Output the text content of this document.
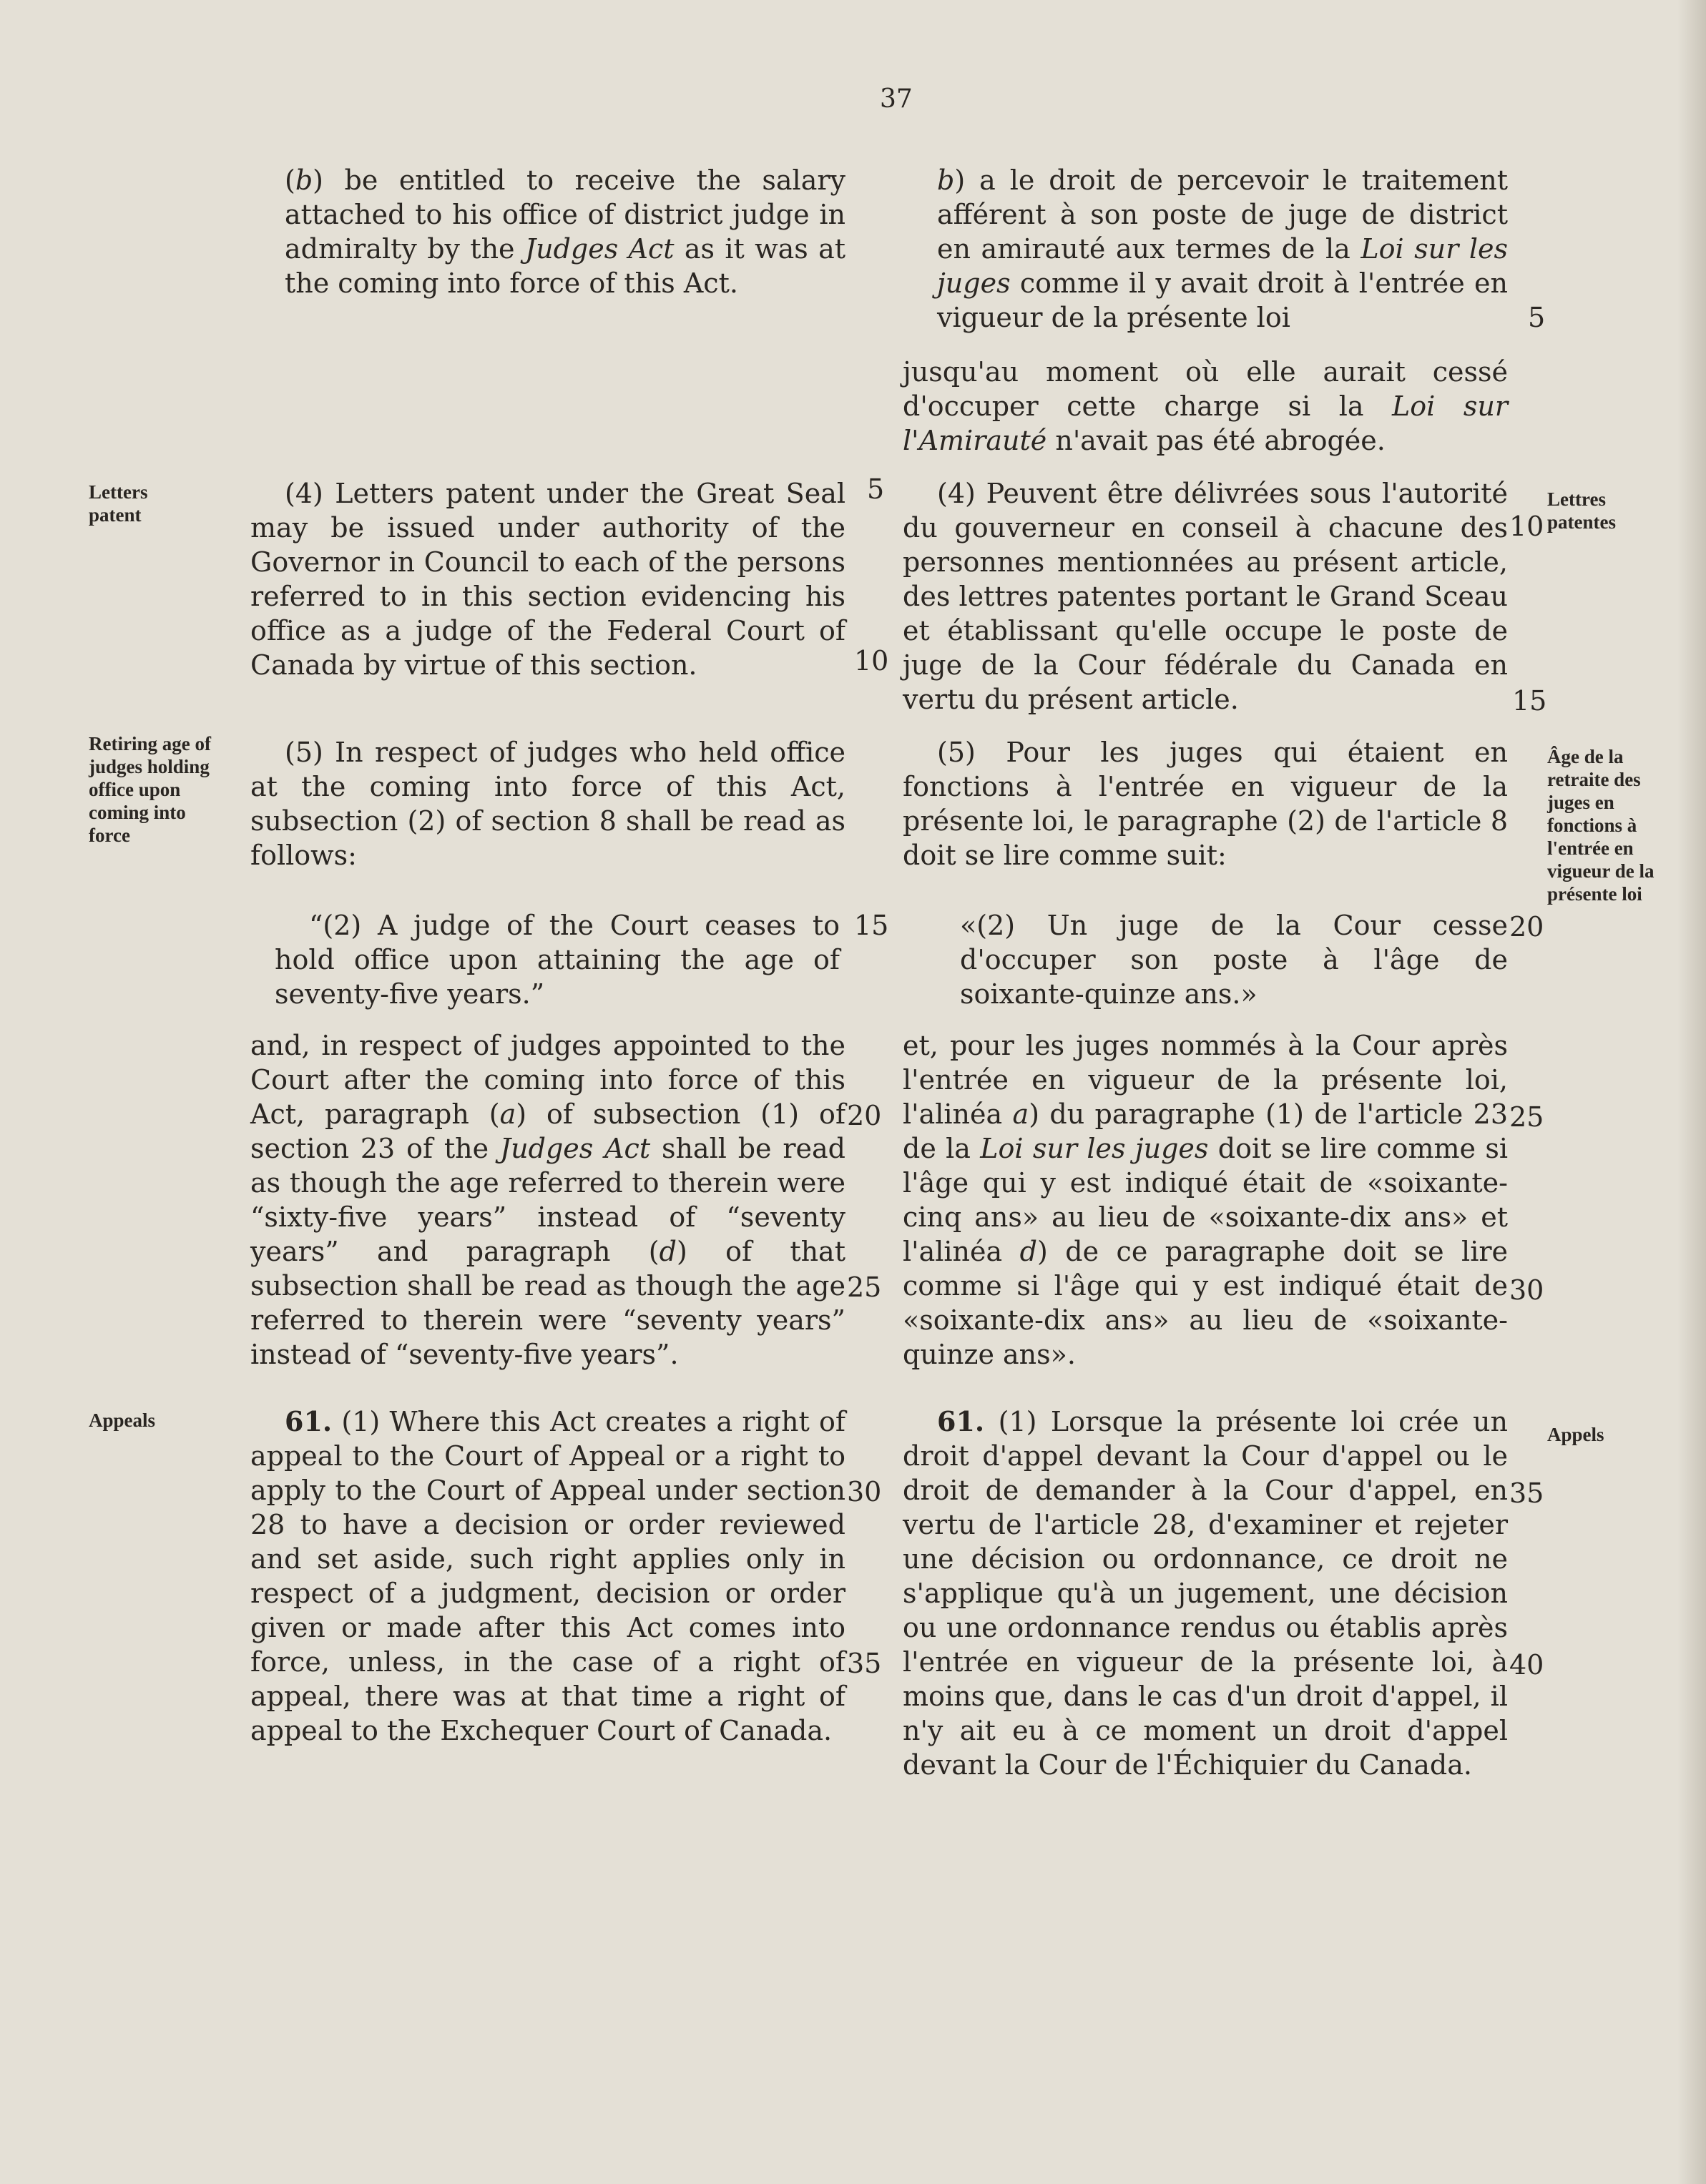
37

(b) be entitled to receive the salary attached to his office of district judge in admiralty by the Judges Act as it was at the coming into force of this Act.

(4) Letters patent under the Great Seal may be issued under authority of the Governor in Council to each of the persons referred to in this section evidencing his office as a judge of the Federal Court of Canada by virtue of this section.

(5) In respect of judges who held office at the coming into force of this Act, subsection (2) of section 8 shall be read as follows:

“(2) A judge of the Court ceases to hold office upon attaining the age of seventy-five years.”

and, in respect of judges appointed to the Court after the coming into force of this Act, paragraph (a) of subsection (1) of section 23 of the Judges Act shall be read as though the age referred to therein were “sixty-five years” instead of “seventy years” and paragraph (d) of that subsection shall be read as though the age referred to therein were “seventy years” instead of “seventy-five years”.

61. (1) Where this Act creates a right of appeal to the Court of Appeal or a right to apply to the Court of Appeal under section 28 to have a decision or order reviewed and set aside, such right applies only in respect of a judgment, decision or order given or made after this Act comes into force, unless, in the case of a right of appeal, there was at that time a right of appeal to the Exchequer Court of Canada.

b) a le droit de percevoir le traitement afférent à son poste de juge de district en amirauté aux termes de la Loi sur les juges comme il y avait droit à l'entrée en vigueur de la présente loi

jusqu'au moment où elle aurait cessé d'occuper cette charge si la Loi sur l'Amirauté n'avait pas été abrogée.

(4) Peuvent être délivrées sous l'autorité du gouverneur en conseil à chacune des personnes mentionnées au présent article, des lettres patentes portant le Grand Sceau et établissant qu'elle occupe le poste de juge de la Cour fédérale du Canada en vertu du présent article.

(5) Pour les juges qui étaient en fonctions à l'entrée en vigueur de la présente loi, le paragraphe (2) de l'article 8 doit se lire comme suit:

«(2) Un juge de la Cour cesse d'occuper son poste à l'âge de soixante-quinze ans.»

et, pour les juges nommés à la Cour après l'entrée en vigueur de la présente loi, l'alinéa a) du paragraphe (1) de l'article 23 de la Loi sur les juges doit se lire comme si l'âge qui y est indiqué était de «soixante-cinq ans» au lieu de «soixante-dix ans» et l'alinéa d) de ce paragraphe doit se lire comme si l'âge qui y est indiqué était de «soixante-dix ans» au lieu de «soixante-quinze ans».

61. (1) Lorsque la présente loi crée un droit d'appel devant la Cour d'appel ou le droit de demander à la Cour d'appel, en vertu de l'article 28, d'examiner et rejeter une décision ou ordonnance, ce droit ne s'applique qu'à un jugement, une décision ou une ordonnance rendus ou établis après l'entrée en vigueur de la présente loi, à moins que, dans le cas d'un droit d'appel, il n'y ait eu à ce moment un droit d'appel devant la Cour de l'Échiquier du Canada.

5
10
15
20
25
30
35
5
10
15
20
25
30
35
40
Letters patent
Retiring age of judges holding office upon coming into force
Appeals
Lettres patentes
Âge de la retraite des juges en fonctions à l'entrée en vigueur de la présente loi
Appels
